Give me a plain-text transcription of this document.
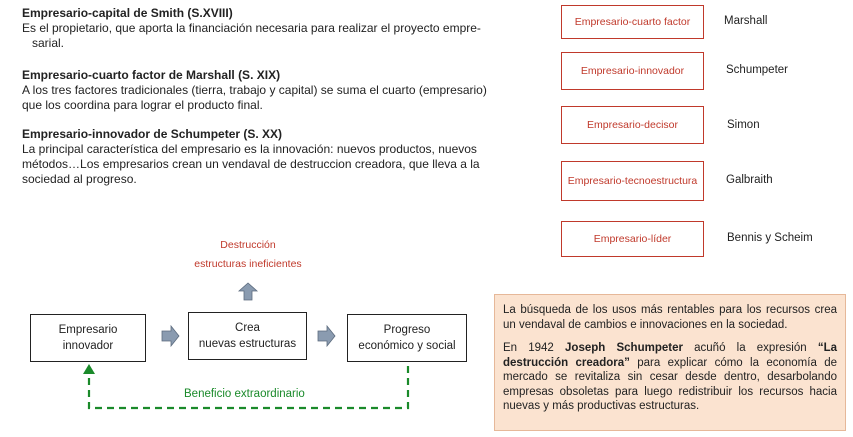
Empresario-capital de Smith (S.XVIII)
Es el propietario, que aporta la financiación necesaria para realizar el proyecto empre-
sarial.
Empresario-cuarto factor de Marshall (S. XIX)
A los tres factores tradicionales (tierra, trabajo y capital) se suma el cuarto (empresario)
que los coordina para lograr el producto final.
Empresario-innovador de Schumpeter (S. XX)
La principal característica del empresario es la innovación: nuevos productos, nuevos
métodos…Los empresarios crean un vendaval de destruccion creadora, que lleva a la
sociedad al progreso.
Empresario-cuarto factor	Marshall
Empresario-innovador	Schumpeter
Empresario-decisor	Simon
Empresario-tecnoestructura	Galbraith
Empresario-líder	Bennis y Scheim
Destrucción
estructuras ineficientes
Empresario
innovador
Crea
nuevas estructuras
Progreso
económico y social
Beneficio extraordinario

La búsqueda de los usos más rentables para los recursos crea un vendaval de cambios e innovaciones en la sociedad.

En 1942 Joseph Schumpeter acuñó la expresión “La destrucción creadora” para explicar cómo la economía de mercado se revitaliza sin cesar desde dentro, desarbolando empresas obsoletas para luego redistribuir los recursos hacia nuevas y más productivas estructuras.
